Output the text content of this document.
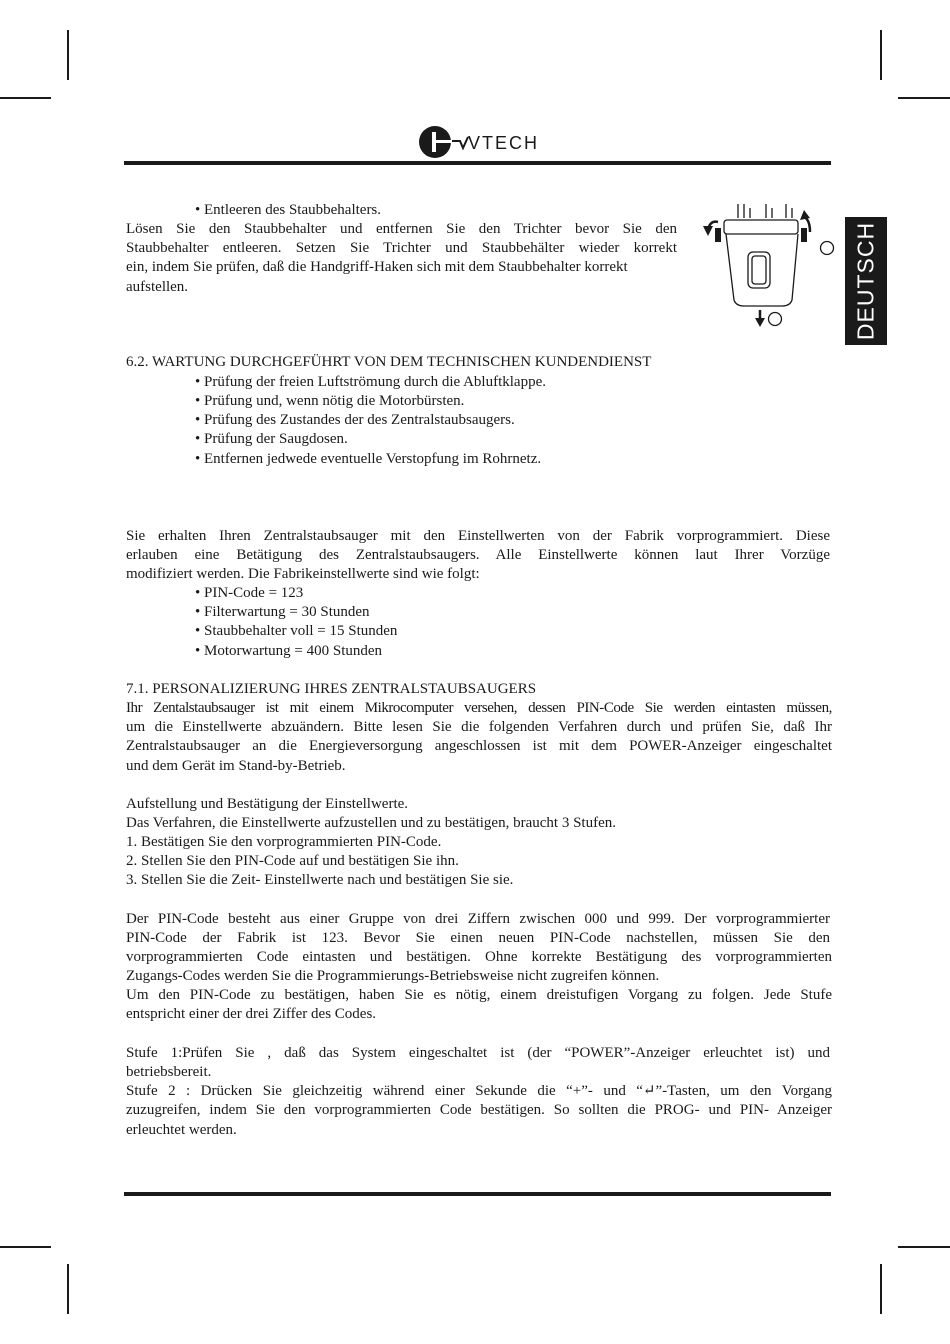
VTECH
DEUTSCH
• Entleeren des Staubbehalters.
Lösen Sie den Staubbehalter und entfernen Sie den Trichter bevor Sie den
Staubbehalter entleeren. Setzen Sie Trichter und Staubbehälter wieder korrekt
ein, indem Sie prüfen, daß die Handgriff-Haken sich mit dem Staubbehalter korrekt
aufstellen.
6.2. WARTUNG DURCHGEFÜHRT VON DEM TECHNISCHEN KUNDENDIENST
• Prüfung der freien Luftströmung durch die Abluftklappe.
• Prüfung und, wenn nötig die Motorbürsten.
• Prüfung des Zustandes der des Zentralstaubsaugers.
• Prüfung der Saugdosen.
• Entfernen jedwede eventuelle Verstopfung im Rohrnetz.
Sie erhalten Ihren Zentralstaubsauger mit den Einstellwerten von der Fabrik vorprogrammiert. Diese
erlauben eine Betätigung des Zentralstaubsaugers. Alle Einstellwerte können laut Ihrer Vorzüge
modifiziert werden. Die Fabrikeinstellwerte sind wie folgt:
• PIN-Code = 123
• Filterwartung = 30 Stunden
• Staubbehalter voll = 15 Stunden
• Motorwartung = 400 Stunden
7.1. PERSONALIZIERUNG IHRES ZENTRALSTAUBSAUGERS
Ihr Zentalstaubsauger ist mit einem Mikrocomputer versehen, dessen PIN-Code Sie werden eintasten müssen,
um die Einstellwerte abzuändern. Bitte lesen Sie die folgenden Verfahren durch und prüfen Sie, daß Ihr
Zentralstaubsauger an die Energieversorgung angeschlossen ist mit dem POWER-Anzeiger eingeschaltet
und dem Gerät im Stand-by-Betrieb.
Aufstellung und Bestätigung der Einstellwerte.
Das Verfahren, die Einstellwerte aufzustellen und zu bestätigen, braucht 3 Stufen.
1. Bestätigen Sie den vorprogrammierten PIN-Code.
2. Stellen Sie den PIN-Code auf und bestätigen Sie ihn.
3. Stellen Sie die Zeit- Einstellwerte nach und bestätigen Sie sie.
Der PIN-Code besteht aus einer Gruppe von drei Ziffern zwischen 000 und 999. Der vorprogrammierter
PIN-Code der Fabrik ist 123. Bevor Sie einen neuen PIN-Code nachstellen, müssen Sie den
vorprogrammierten Code eintasten und bestätigen. Ohne korrekte Bestätigung des vorprogrammierten
Zugangs-Codes werden Sie die Programmierungs-Betriebsweise nicht zugreifen können.
Um den PIN-Code zu bestätigen, haben Sie es nötig, einem dreistufigen Vorgang zu folgen. Jede Stufe
entspricht einer der drei Ziffer des Codes.
Stufe 1:Prüfen Sie , daß das System eingeschaltet ist (der “POWER”-Anzeiger erleuchtet ist) und
betriebsbereit.
Stufe 2 : Drücken Sie gleichzeitig während einer Sekunde die “+”- und “↵”-Tasten, um den Vorgang
zuzugreifen, indem Sie den vorprogrammierten Code bestätigen. So sollten die PROG- und PIN- Anzeiger
erleuchtet werden.
